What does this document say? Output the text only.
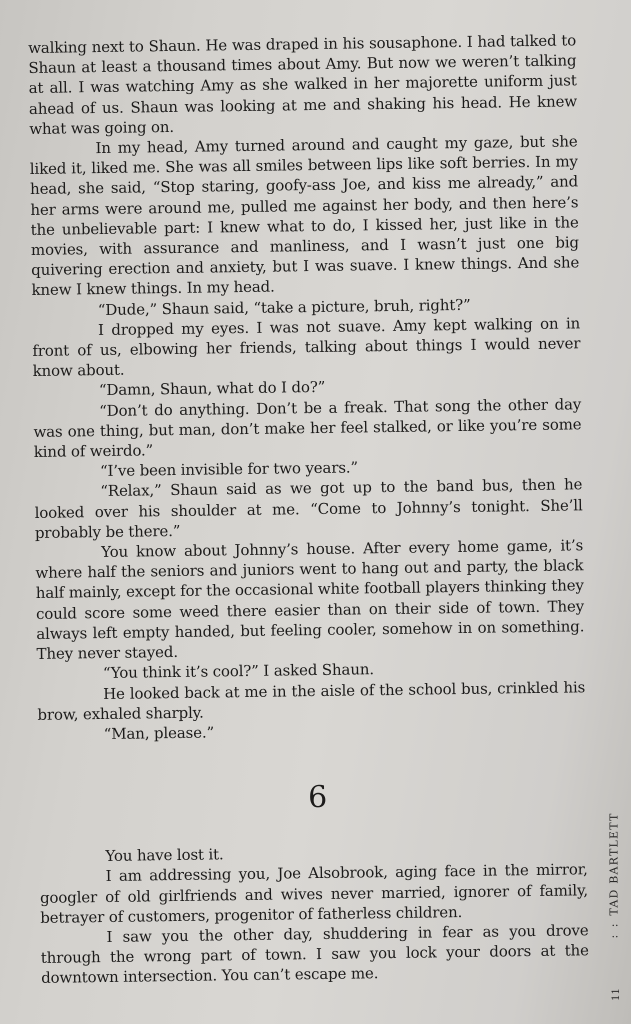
walking next to Shaun. He was draped in his sousaphone. I had talked to Shaun at least a thousand times about Amy. But now we weren’t talking at all. I was watching Amy as she walked in her majorette uniform just ahead of us. Shaun was looking at me and shaking his head. He knew what was going on.

In my head, Amy turned around and caught my gaze, but she liked it, liked me. She was all smiles between lips like soft berries. In my head, she said, “Stop staring, goofy-ass Joe, and kiss me already,” and her arms were around me, pulled me against her body, and then here’s the unbelievable part: I knew what to do, I kissed her, just like in the movies, with assurance and manliness, and I wasn’t just one big quivering erection and anxiety, but I was suave. I knew things. And she knew I knew things. In my head.

“Dude,” Shaun said, “take a picture, bruh, right?”

I dropped my eyes. I was not suave. Amy kept walking on in front of us, elbowing her friends, talking about things I would never know about.

“Damn, Shaun, what do I do?”

“Don’t do anything. Don’t be a freak. That song the other day was one thing, but man, don’t make her feel stalked, or like you’re some kind of weirdo.”

“I’ve been invisible for two years.”

“Relax,” Shaun said as we got up to the band bus, then he looked over his shoulder at me. “Come to Johnny’s tonight. She’ll probably be there.”

You know about Johnny’s house. After every home game, it’s where half the seniors and juniors went to hang out and party, the black half mainly, except for the occasional white football players thinking they could score some weed there easier than on their side of town. They always left empty handed, but feeling cooler, somehow in on something. They never stayed.

“You think it’s cool?” I asked Shaun.

He looked back at me in the aisle of the school bus, crinkled his brow, exhaled sharply.

“Man, please.”

6

You have lost it.

I am addressing you, Joe Alsobrook, aging face in the mirror, googler of old girlfriends and wives never married, ignorer of family, betrayer of customers, progenitor of fatherless children.

I saw you the other day, shuddering in fear as you drove through the wrong part of town. I saw you lock your doors at the downtown intersection. You can’t escape me.

: :TAD BARTLETT
11
